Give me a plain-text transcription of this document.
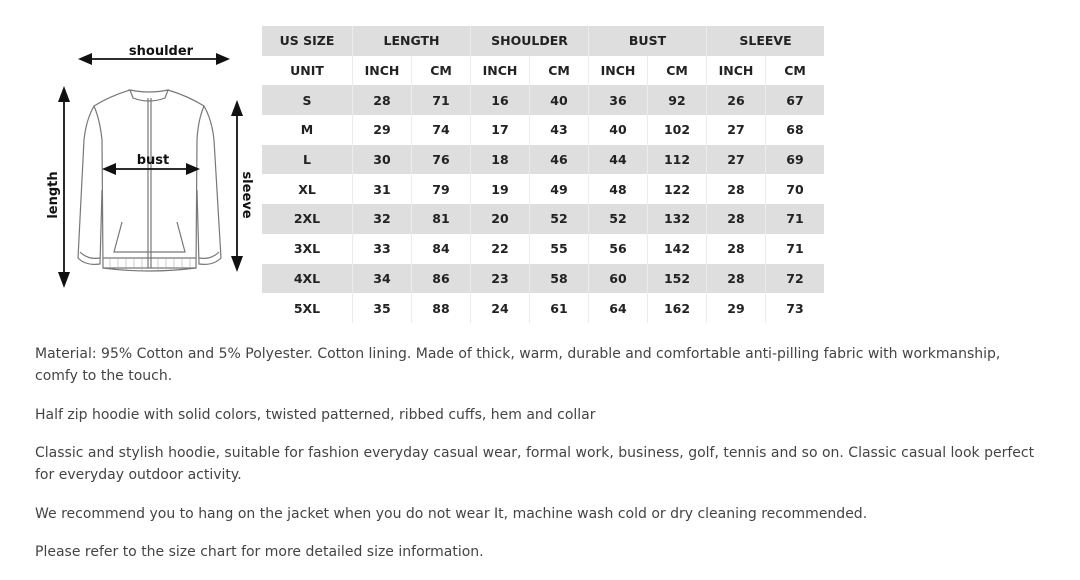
shoulder
length	sleeve
bust
US SIZE	LENGTH		SHOULDER		BUST		SLEEVE	
UNIT	INCH	CM	INCH	CM	INCH	CM	INCH	CM
S	28	71	16	40	36	92	26	67
M	29	74	17	43	40	102	27	68
L	30	76	18	46	44	112	27	69
XL	31	79	19	49	48	122	28	70
2XL	32	81	20	52	52	132	28	71
3XL	33	84	22	55	56	142	28	71
4XL	34	86	23	58	60	152	28	72
5XL	35	88	24	61	64	162	29	73

Material: 95% Cotton and 5% Polyester. Cotton lining. Made of thick, warm, durable and comfortable anti-pilling fabric with workmanship, comfy to the touch.

Half zip hoodie with solid colors, twisted patterned, ribbed cuffs, hem and collar

Classic and stylish hoodie, suitable for fashion everyday casual wear, formal work, business, golf, tennis and so on. Classic casual look perfect for everyday outdoor activity.

We recommend you to hang on the jacket when you do not wear It, machine wash cold or dry cleaning recommended.

Please refer to the size chart for more detailed size information.
